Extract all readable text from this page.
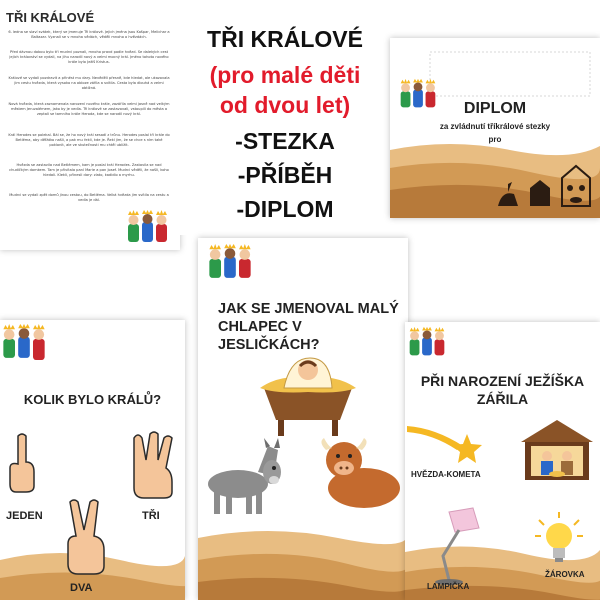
TŘI KRÁLOVÉ
6. ledna se slaví svátek, který se jmenuje Tři králové. Jejich jména jsou Kašpar, Melichar a Baltazar. Vyznali se v mnoha vědách, věděli mnoho o hvězdách.
Před dávnou dobou bylo tři mudrci poznali, mnoho pravd podle hvězd. Se dalekých cest jejich království se vydali, na jihu narodil nový a velmi mocný král. Jméno tohoto nového krále bylo Ježíš Kristus.
Králové se vydali pozdravit a přinést mu dary. Nevěděli přesně, kde hledat, ale ukazovala jim cestu hvězda, která vysoko na obloze zářila a svítila. Cesta byla dlouhá a velmi obtížná.
Nová hvězda, která zaznamenala narození nového krále, zazářila velmi jasně nad velkým městem Jeruzalémem, jako by je vedla. Tři králové se zastavovali, vstoupili do města a zeptali se tamního krále Heroda, kde se narodil nový král.
Král Herodes se polekal. Bál se, že ho nový král sesadí z trůnu. Herodes poslal tři krále do Betléma, aby děťátko našli, a pak mu řekli, kde je. Řekl jim, že se chce s ním také poklonit, ale ve skutečnosti mu chtěl ublížit.
Hvězda se zastavila nad Betlémem, kam je poslal král Herodes. Zastavila se nad chudičkým domkem. Tam je přivítala paní Marie a pan Josef. Mudrci věděli, že našli, koho hledali. Klekli, přinesli dary: zlato, kadidlo a myrhu.
Mudrci se vydali zpět domů jinou cestou, do Betléma. Velká hvězda jim svítila na cestu a vedla je dál.
TŘI KRÁLOVÉ
(pro malé děti
od dvou let)
-STEZKA
-PŘÍBĚH
-DIPLOM
DIPLOM
za zvládnutí tříkrálové stezky
pro
KOLIK BYLO KRÁLŮ?
JEDEN
DVA
TŘI
JAK SE JMENOVAL MALÝ CHLAPEC V JESLIČKÁCH?
PŘI NAROZENÍ JEŽÍŠKA ZÁŘILA
HVĚZDA-KOMETA
LAMPIČKA
ŽÁROVKA
